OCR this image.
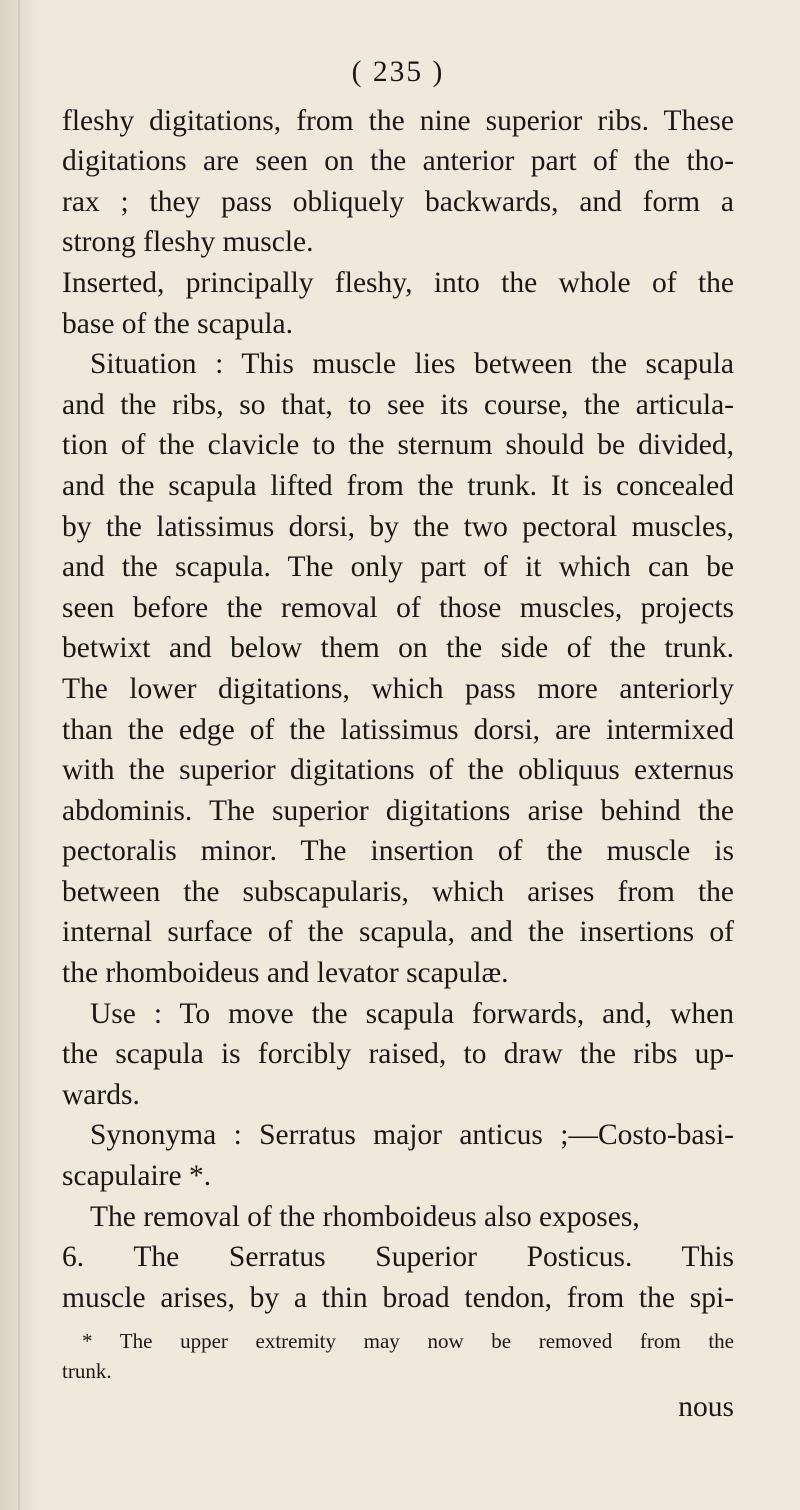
( 235 )
fleshy digitations, from the nine superior ribs. These
digitations are seen on the anterior part of the tho-
rax ; they pass obliquely backwards, and form a
strong fleshy muscle.
Inserted, principally fleshy, into the whole of the
base of the scapula.
Situation : This muscle lies between the scapula
and the ribs, so that, to see its course, the articula-
tion of the clavicle to the sternum should be divided,
and the scapula lifted from the trunk. It is concealed
by the latissimus dorsi, by the two pectoral muscles,
and the scapula. The only part of it which can be
seen before the removal of those muscles, projects
betwixt and below them on the side of the trunk.
The lower digitations, which pass more anteriorly
than the edge of the latissimus dorsi, are intermixed
with the superior digitations of the obliquus externus
abdominis. The superior digitations arise behind the
pectoralis minor. The insertion of the muscle is
between the subscapularis, which arises from the
internal surface of the scapula, and the insertions of
the rhomboideus and levator scapulæ.
Use : To move the scapula forwards, and, when
the scapula is forcibly raised, to draw the ribs up-
wards.
Synonyma : Serratus major anticus ;—Costo-basi-
scapulaire *.
The removal of the rhomboideus also exposes,
6. The Serratus Superior Posticus. This
muscle arises, by a thin broad tendon, from the spi-
* The upper extremity may now be removed from the
trunk.
nous
